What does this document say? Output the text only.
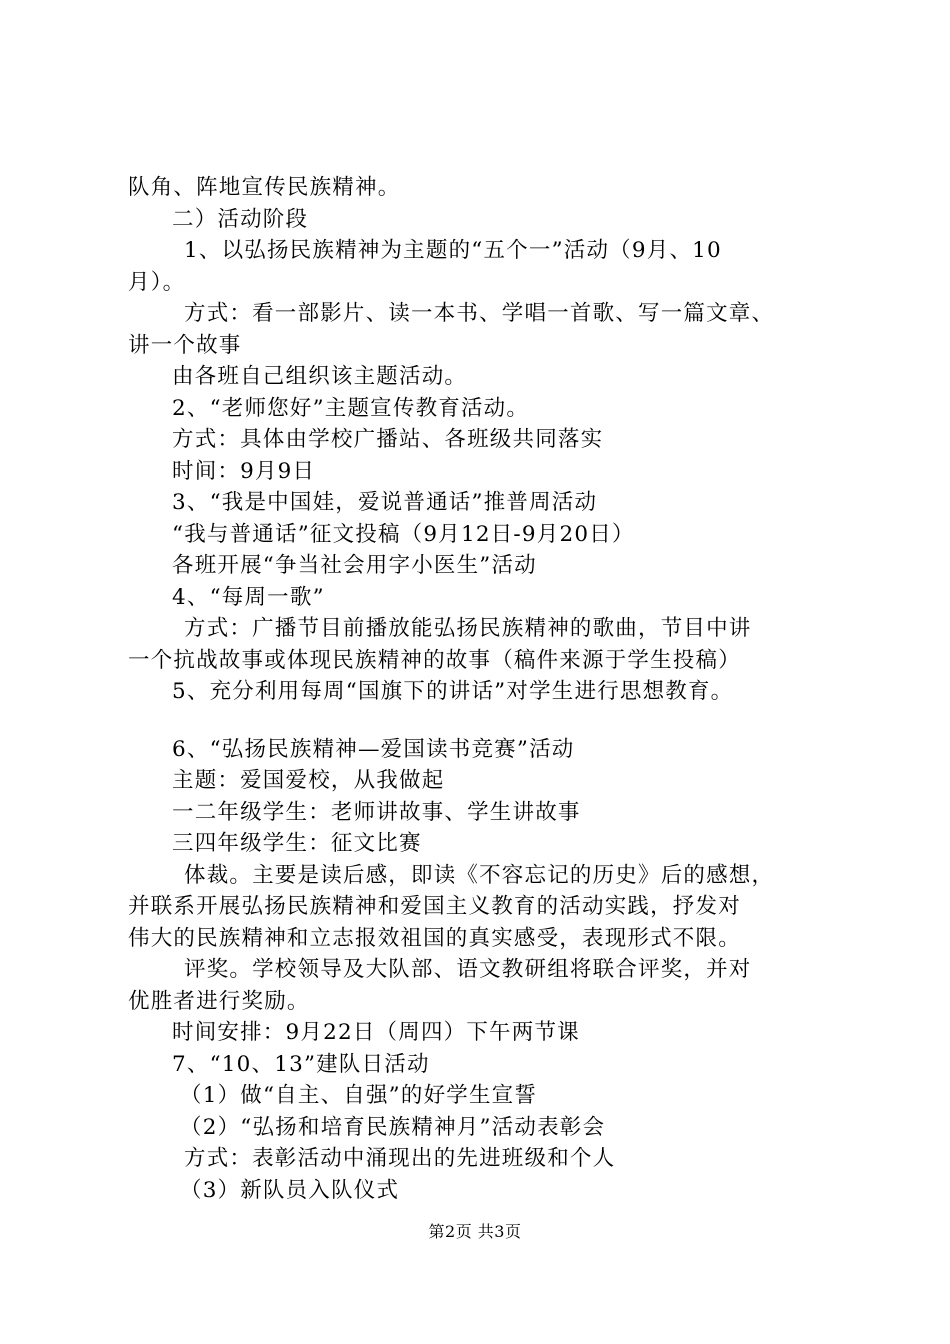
队角、阵地宣传民族精神。
二）活动阶段
1、以弘扬民族精神为主题的“五个一”活动（9月、10
月）。
方式：看一部影片、读一本书、学唱一首歌、写一篇文章、
讲一个故事
由各班自己组织该主题活动。
2、“老师您好”主题宣传教育活动。
方式：具体由学校广播站、各班级共同落实
时间：9月9日
3、“我是中国娃，爱说普通话”推普周活动
“我与普通话”征文投稿（9月12日-9月20日）
各班开展“争当社会用字小医生”活动
4、“每周一歌”
方式：广播节目前播放能弘扬民族精神的歌曲，节目中讲
一个抗战故事或体现民族精神的故事（稿件来源于学生投稿）
5、充分利用每周“国旗下的讲话”对学生进行思想教育。
6、“弘扬民族精神—爱国读书竞赛”活动
主题：爱国爱校，从我做起
一二年级学生：老师讲故事、学生讲故事
三四年级学生：征文比赛
体裁。主要是读后感，即读《不容忘记的历史》后的感想，
并联系开展弘扬民族精神和爱国主义教育的活动实践，抒发对
伟大的民族精神和立志报效祖国的真实感受，表现形式不限。
评奖。学校领导及大队部、语文教研组将联合评奖，并对
优胜者进行奖励。
时间安排：9月22日（周四）下午两节课
7、“10、13”建队日活动
（1）做“自主、自强”的好学生宣誓
（2）“弘扬和培育民族精神月”活动表彰会
方式：表彰活动中涌现出的先进班级和个人
（3）新队员入队仪式
第2页 共3页
